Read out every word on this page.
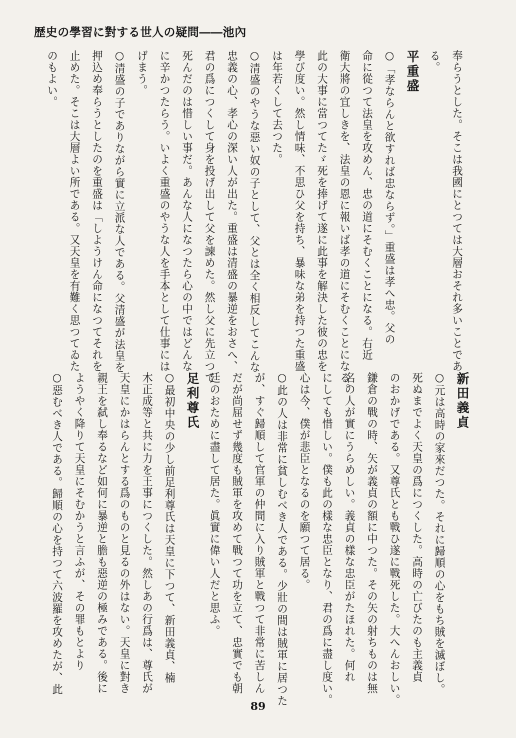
歴史の學習に對する世人の疑問――池內
奉らうとした。そこは我國にとつては大層おそれ多いことであ
る。
平重盛
○「孝ならんと欲すれば忠ならず。」重盛は孝へ忠。父の
命に從つて法皇を攻めん、忠の道にそむくことになる。右近
衛大將の宜しきを、法皇の恩に報いば孝の道にそむくことになる。
此の大事に當つてたゞ死を捧げて遂に此事を解決した彼の忠を
學び度い。然し情味、不思ひ父を持ち、暴味な弟を持つた重盛
は年若くして去つた。
○清盛のやうな惡い奴の子として、父とは全く相反してこんな
忠義の心、孝心の深い人が出た。重盛は清盛の暴逆をおさへ、
君の爲につくして身を投げ出して父を諫めた。然し父に先立つて
死んだのは惜しい事だ。あんな人になつたら心の中ではどんな
に辛かつたらう。いよく重盛のやうな人を手本として仕事には
げまう。
○清盛の子でありながら實に立派な人である。父清盛が法皇を
押込め奉らうとしたのを重盛は「しようけん命になつてそれを
止めた。そこは大層よい所である。又天皇を有難く思つてゐた
のもよい。
新田義貞
○元は高時の家來だつた。それに歸順の心をもち賊を滅ぼし。
死ぬまでよく天皇の爲につくした。高時の亡びたのも主義貞
のおかげである。又尊氏とも戰ひ遂に戰死した。大へんおしい。
鎌倉の戰の時、矢が義貞の額に中つた。その矢の射ちものは無
名の人が實にうらめしい。義貞の樣な忠臣がたほれた。何れ
にしても惜しい。僕も此の樣な忠臣となり、君の爲に盡し度い。
心は今、僕が悲臣となるのを願つて居る。
○此の人は非常に貧しむべき人である。少壯の間は賊軍に居つた
が、すぐ歸順して官軍の仲間に入り賊軍と戰つて非常に苦しん
だが尚屈せず幾度も賊軍を攻めて戰つて功を立て、忠實でも朝
廷のおために盡して居た。眞實に偉い人だと思ふ。
足利尊氏
○最初中央の少し前足利尊氏は天皇に下つて、新田義貞、楠
木正成等と共に力を王事につくした。然しあの行爲は、尊氏が
天皇にかはらんとする爲のものと見るの外はない。天皇に對き
親王を弑し奉るなど如何に暴逆と膽も惡逆の極みである。後に
ようやく降りて天皇にそむかうと言ふが、その罪もとより
○惡むべき人である。歸順の心を持つて六波羅を攻めたが、此
89
